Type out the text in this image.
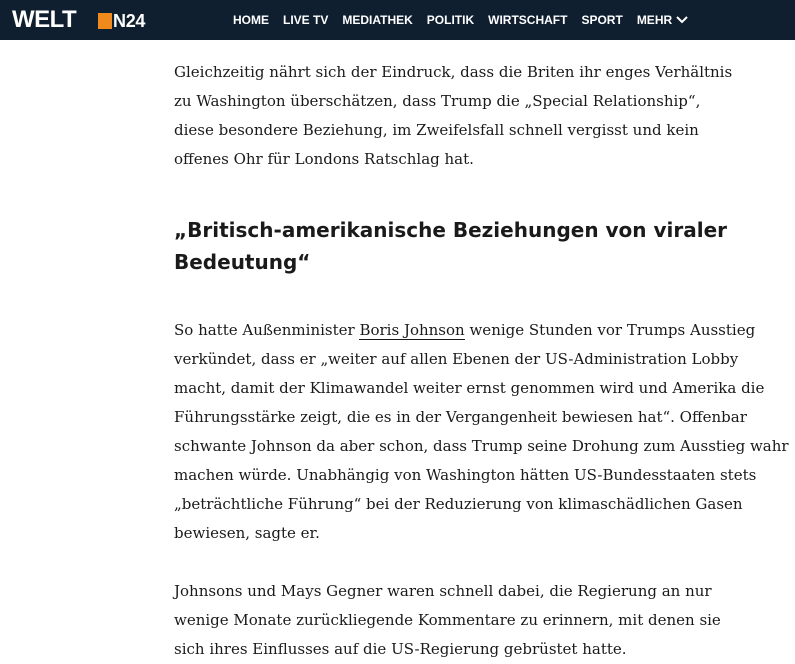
WELT N24	HOME LIVE TV MEDIATHEK POLITIK WIRTSCHAFT SPORT MEHR

Gleichzeitig nährt sich der Eindruck, dass die Briten ihr enges Verhältnis zu Washington überschätzen, dass Trump die „Special Relationship“, diese besondere Beziehung, im Zweifelsfall schnell vergisst und kein offenes Ohr für Londons Ratschlag hat.

„Britisch-amerikanische Beziehungen von viraler
Bedeutung“

So hatte Außenminister Boris Johnson wenige Stunden vor Trumps Ausstieg verkündet, dass er „weiter auf allen Ebenen der US-Administration Lobby macht, damit der Klimawandel weiter ernst genommen wird und Amerika die Führungsstärke zeigt, die es in der Vergangenheit bewiesen hat“. Offenbar schwante Johnson da aber schon, dass Trump seine Drohung zum Ausstieg wahr machen würde. Unabhängig von Washington hätten US-Bundesstaaten stets „beträchtliche Führung“ bei der Reduzierung von klimaschädlichen Gasen bewiesen, sagte er.

Johnsons und Mays Gegner waren schnell dabei, die Regierung an nur wenige Monate zurückliegende Kommentare zu erinnern, mit denen sie sich ihres Einflusses auf die US-Regierung gebrüstet hatte.
